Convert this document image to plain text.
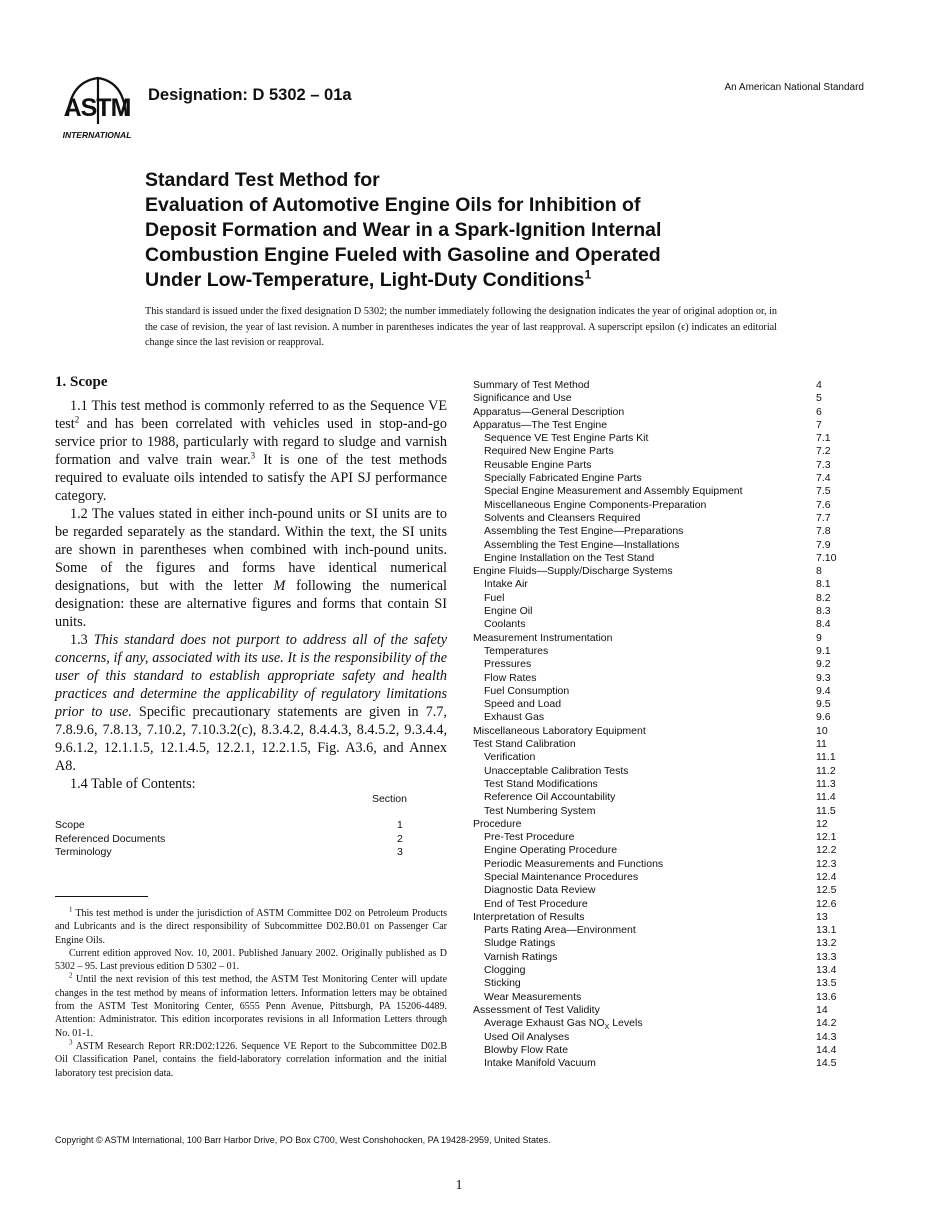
ASTM
INTERNATIONAL
Designation: D 5302 – 01a	An American National Standard
Standard Test Method for
Evaluation of Automotive Engine Oils for Inhibition of
Deposit Formation and Wear in a Spark-Ignition Internal
Combustion Engine Fueled with Gasoline and Operated
Under Low-Temperature, Light-Duty Conditions$^1$
This standard is issued under the fixed designation D 5302; the number immediately following the designation indicates the year of original adoption or, in the case of revision, the year of last revision. A number in parentheses indicates the year of last reapproval. A superscript epsilon (ϵ) indicates an editorial change since the last revision or reapproval.
1. Scope

1.1 This test method is commonly referred to as the Sequence VE test$^2$ and has been correlated with vehicles used in stop-and-go service prior to 1988, particularly with regard to sludge and varnish formation and valve train wear.$^3$ It is one of the test methods required to evaluate oils intended to satisfy the API SJ performance category.

1.2 The values stated in either inch-pound units or SI units are to be regarded separately as the standard. Within the text, the SI units are shown in parentheses when combined with inch-pound units. Some of the figures and forms have identical numerical designations, but with the letter M following the numerical designation: these are alternative figures and forms that contain SI units.

1.3 This standard does not purport to address all of the safety concerns, if any, associated with its use. It is the responsibility of the user of this standard to establish appropriate safety and health practices and determine the applicability of regulatory limitations prior to use. Specific precautionary statements are given in 7.7, 7.8.9.6, 7.8.13, 7.10.2, 7.10.3.2(c), 8.3.4.2, 8.4.4.3, 8.4.5.2, 9.3.4.4, 9.6.1.2, 12.1.1.5, 12.1.4.5, 12.2.1, 12.2.1.5, Fig. A3.6, and Annex A8.

1.4 Table of Contents:

Section
Scope	1
Referenced Documents	2
Terminology	3

$^1$ This test method is under the jurisdiction of ASTM Committee D02 on Petroleum Products and Lubricants and is the direct responsibility of Subcommittee D02.B0.01 on Passenger Car Engine Oils.

Current edition approved Nov. 10, 2001. Published January 2002. Originally published as D 5302 – 95. Last previous edition D 5302 – 01.

$^2$ Until the next revision of this test method, the ASTM Test Monitoring Center will update changes in the test method by means of information letters. Information letters may be obtained from the ASTM Test Monitoring Center, 6555 Penn Avenue, Pittsburgh, PA 15206-4489. Attention: Administrator. This edition incorporates revisions in all Information Letters through No. 01-1.

$^3$ ASTM Research Report RR:D02:1226. Sequence VE Report to the Subcommittee D02.B Oil Classification Panel, contains the field-laboratory correlation information and the initial laboratory test precision data.

Summary of Test Method	4
Significance and Use	5
Apparatus—General Description	6
Apparatus—The Test Engine	7
Sequence VE Test Engine Parts Kit	7.1
Required New Engine Parts	7.2
Reusable Engine Parts	7.3
Specially Fabricated Engine Parts	7.4
Special Engine Measurement and Assembly Equipment	7.5
Miscellaneous Engine Components-Preparation	7.6
Solvents and Cleansers Required	7.7
Assembling the Test Engine—Preparations	7.8
Assembling the Test Engine—Installations	7.9
Engine Installation on the Test Stand	7.10
Engine Fluids—Supply/Discharge Systems	8
Intake Air	8.1
Fuel	8.2
Engine Oil	8.3
Coolants	8.4
Measurement Instrumentation	9
Temperatures	9.1
Pressures	9.2
Flow Rates	9.3
Fuel Consumption	9.4
Speed and Load	9.5
Exhaust Gas	9.6
Miscellaneous Laboratory Equipment	10
Test Stand Calibration	11
Verification	11.1
Unacceptable Calibration Tests	11.2
Test Stand Modifications	11.3
Reference Oil Accountability	11.4
Test Numbering System	11.5
Procedure	12
Pre-Test Procedure	12.1
Engine Operating Procedure	12.2
Periodic Measurements and Functions	12.3
Special Maintenance Procedures	12.4
Diagnostic Data Review	12.5
End of Test Procedure	12.6
Interpretation of Results	13
Parts Rating Area—Environment	13.1
Sludge Ratings	13.2
Varnish Ratings	13.3
Clogging	13.4
Sticking	13.5
Wear Measurements	13.6
Assessment of Test Validity	14
Average Exhaust Gas $NO_X$ Levels	14.2
Used Oil Analyses	14.3
Blowby Flow Rate	14.4
Intake Manifold Vacuum	14.5
Copyright © ASTM International, 100 Barr Harbor Drive, PO Box C700, West Conshohocken, PA 19428-2959, United States.
1
